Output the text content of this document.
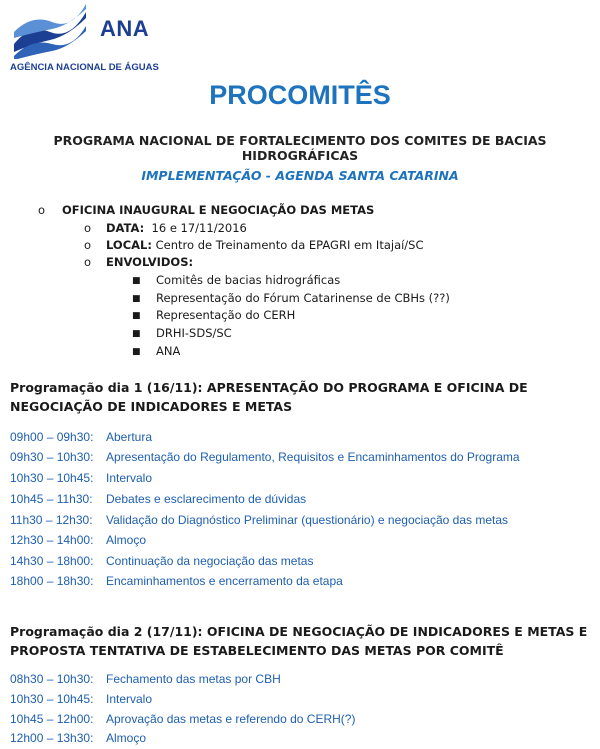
ANA
AGÊNCIA NACIONAL DE ÁGUAS
PROCOMITÊS
PROGRAMA NACIONAL DE FORTALECIMENTO DOS COMITES DE BACIAS HIDROGRÁFICAS
IMPLEMENTAÇÃO - AGENDA SANTA CATARINA
o OFICINA INAUGURAL E NEGOCIAÇÃO DAS METAS
o DATA: 16 e 17/11/2016
o LOCAL: Centro de Treinamento da EPAGRI em Itajaí/SC
o ENVOLVIDOS:
■ Comitês de bacias hidrográficas
■ Representação do Fórum Catarinense de CBHs (??)
■ Representação do CERH
■ DRHI-SDS/SC
■ ANA
Programação dia 1 (16/11): APRESENTAÇÃO DO PROGRAMA E OFICINA DE NEGOCIAÇÃO DE INDICADORES E METAS
09h00 – 09h30:	Abertura
09h30 – 10h30:	Apresentação do Regulamento, Requisitos e Encaminhamentos do Programa
10h30 – 10h45:	Intervalo
10h45 – 11h30:	Debates e esclarecimento de dúvidas
11h30 – 12h30:	Validação do Diagnóstico Preliminar (questionário) e negociação das metas
12h30 – 14h00:	Almoço
14h30 – 18h00:	Continuação da negociação das metas
18h00 – 18h30:	Encaminhamentos e encerramento da etapa
Programação dia 2 (17/11): OFICINA DE NEGOCIAÇÃO DE INDICADORES E METAS E PROPOSTA TENTATIVA DE ESTABELECIMENTO DAS METAS POR COMITÊ
08h30 – 10h30:	Fechamento das metas por CBH
10h30 – 10h45:	Intervalo
10h45 – 12h00:	Aprovação das metas e referendo do CERH(?)
12h00 – 13h30:	Almoço
